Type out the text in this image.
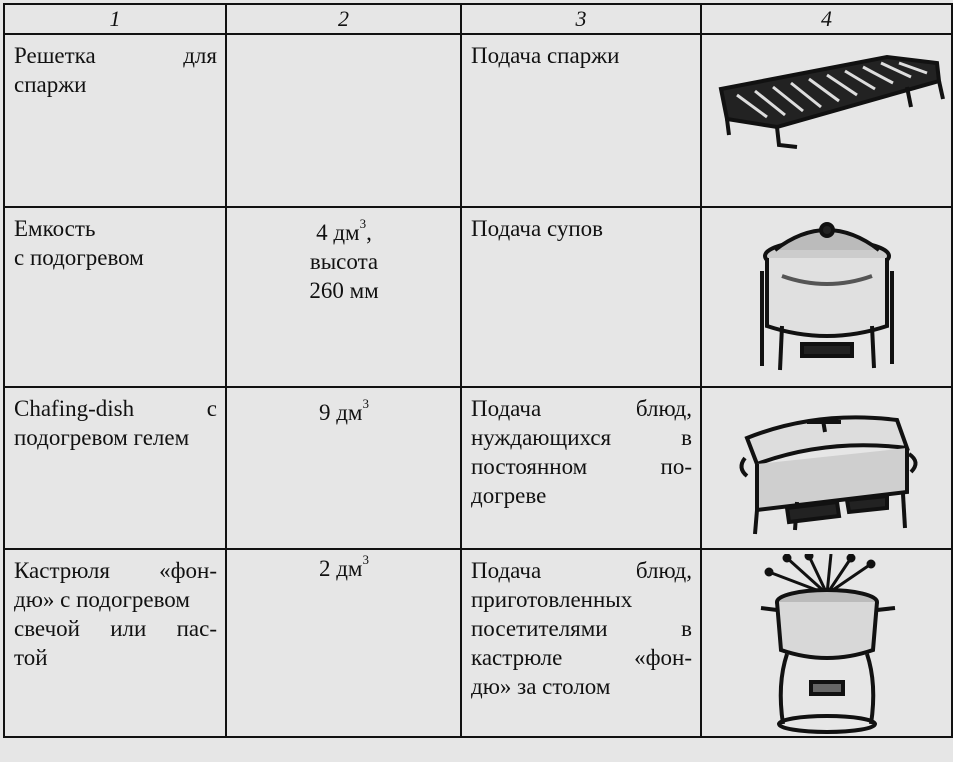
1	2	3	4

Решетка для
спаржи		Подача спаржи

Емкость
с подогревом	4 $дм^3$,
высота
260 мм	Подача супов

Chafing-dish с
подогревом гелем	9 $дм^3$	Подача блюд,
нуждающихся в
постоянном по-
догреве

Кастрюля «фон-
дю» с подогревом
свечой или пас-
той	2 $дм^3$	Подача блюд,
приготовленных
посетителями в
кастрюле «фон-
дю» за столом
